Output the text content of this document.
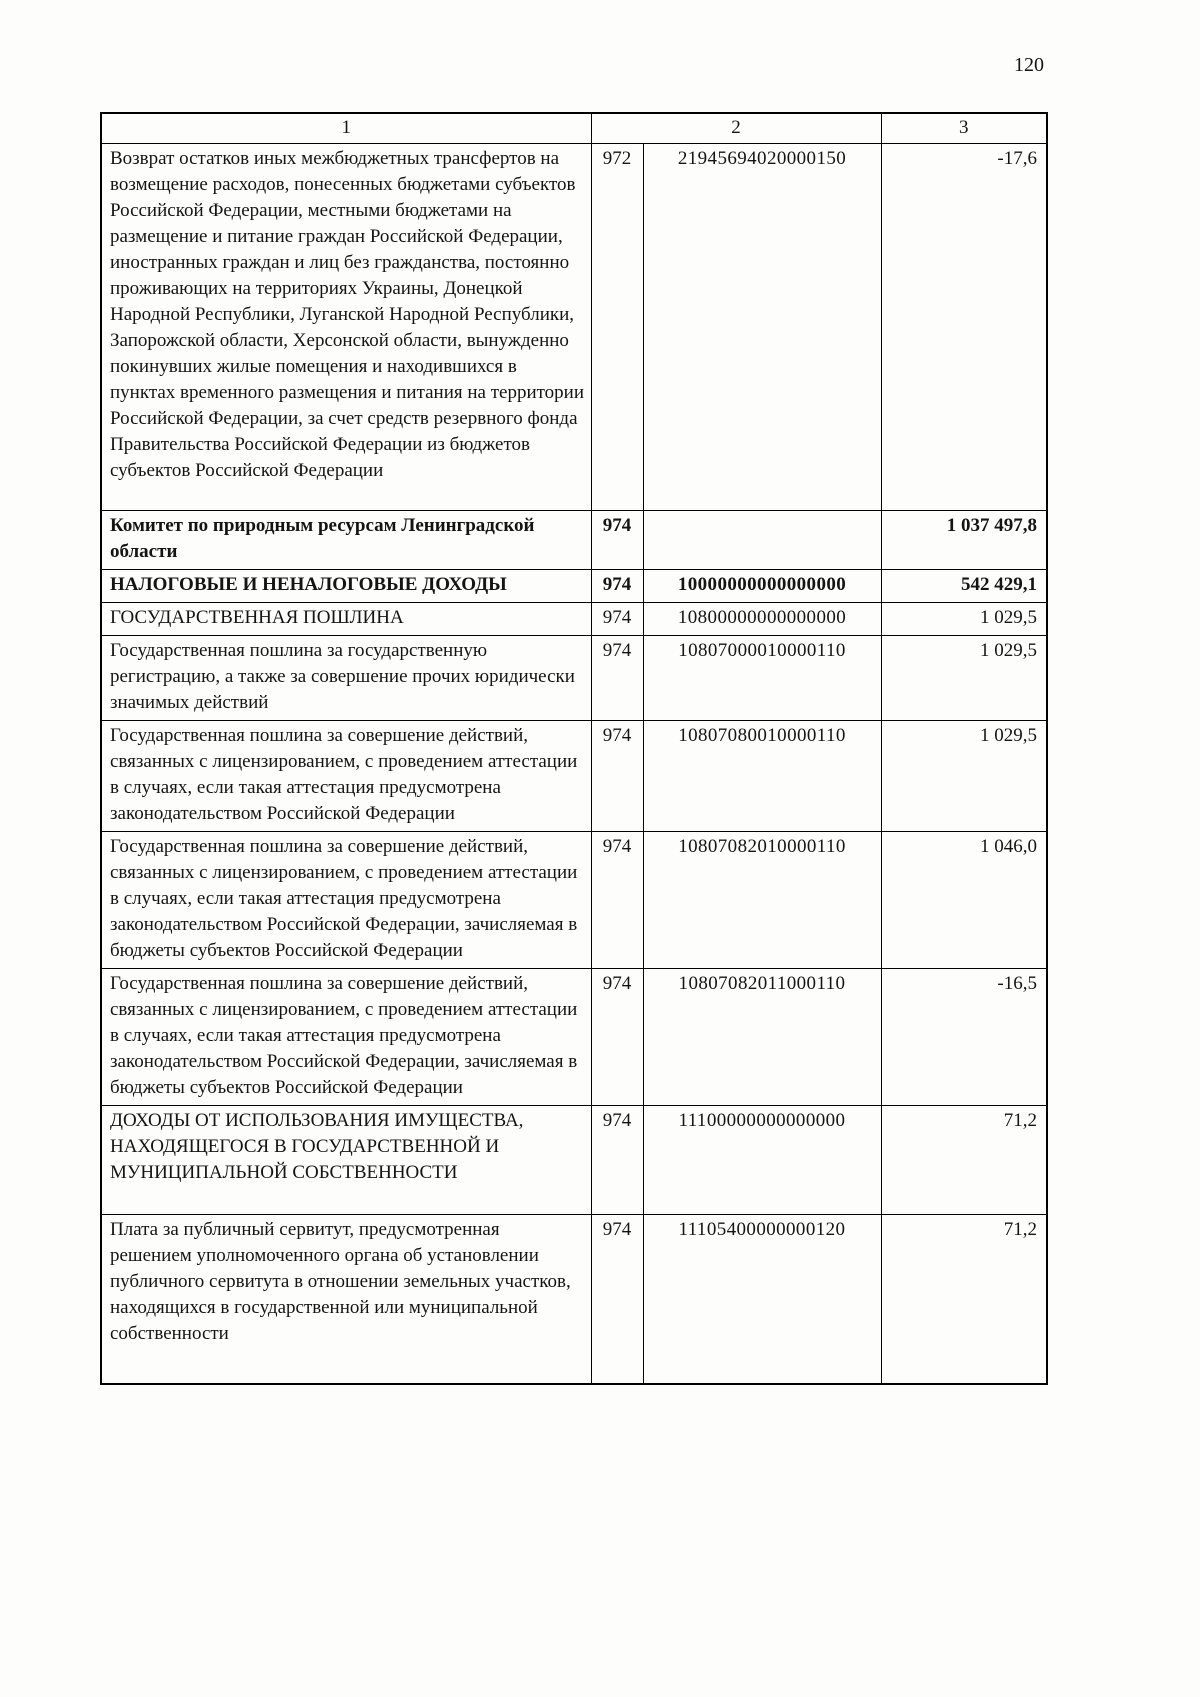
120
1	2		3
Возврат остатков иных межбюджетных трансфертов на возмещение расходов, понесенных бюджетами субъектов Российской Федерации, местными бюджетами на размещение и питание граждан Российской Федерации, иностранных граждан и лиц без гражданства, постоянно проживающих на территориях Украины, Донецкой Народной Республики, Луганской Народной Республики, Запорожской области, Херсонской области, вынужденно покинувших жилые помещения и находившихся в пунктах временного размещения и питания на территории Российской Федерации, за счет средств резервного фонда Правительства Российской Федерации из бюджетов субъектов Российской Федерации	972	21945694020000150	-17,6
Комитет по природным ресурсам Ленинградской области	974		1 037 497,8
НАЛОГОВЫЕ И НЕНАЛОГОВЫЕ ДОХОДЫ	974	10000000000000000	542 429,1
ГОСУДАРСТВЕННАЯ ПОШЛИНА	974	10800000000000000	1 029,5
Государственная пошлина за государственную регистрацию, а также за совершение прочих юридически значимых действий	974	10807000010000110	1 029,5
Государственная пошлина за совершение действий, связанных с лицензированием, с проведением аттестации в случаях, если такая аттестация предусмотрена законодательством Российской Федерации	974	10807080010000110	1 029,5
Государственная пошлина за совершение действий, связанных с лицензированием, с проведением аттестации в случаях, если такая аттестация предусмотрена законодательством Российской Федерации, зачисляемая в бюджеты субъектов Российской Федерации	974	10807082010000110	1 046,0
Государственная пошлина за совершение действий, связанных с лицензированием, с проведением аттестации в случаях, если такая аттестация предусмотрена законодательством Российской Федерации, зачисляемая в бюджеты субъектов Российской Федерации	974	10807082011000110	-16,5
ДОХОДЫ ОТ ИСПОЛЬЗОВАНИЯ ИМУЩЕСТВА, НАХОДЯЩЕГОСЯ В ГОСУДАРСТВЕННОЙ И МУНИЦИПАЛЬНОЙ СОБСТВЕННОСТИ	974	11100000000000000	71,2
Плата за публичный сервитут, предусмотренная решением уполномоченного органа об установлении публичного сервитута в отношении земельных участков, находящихся в государственной или муниципальной собственности	974	11105400000000120	71,2
